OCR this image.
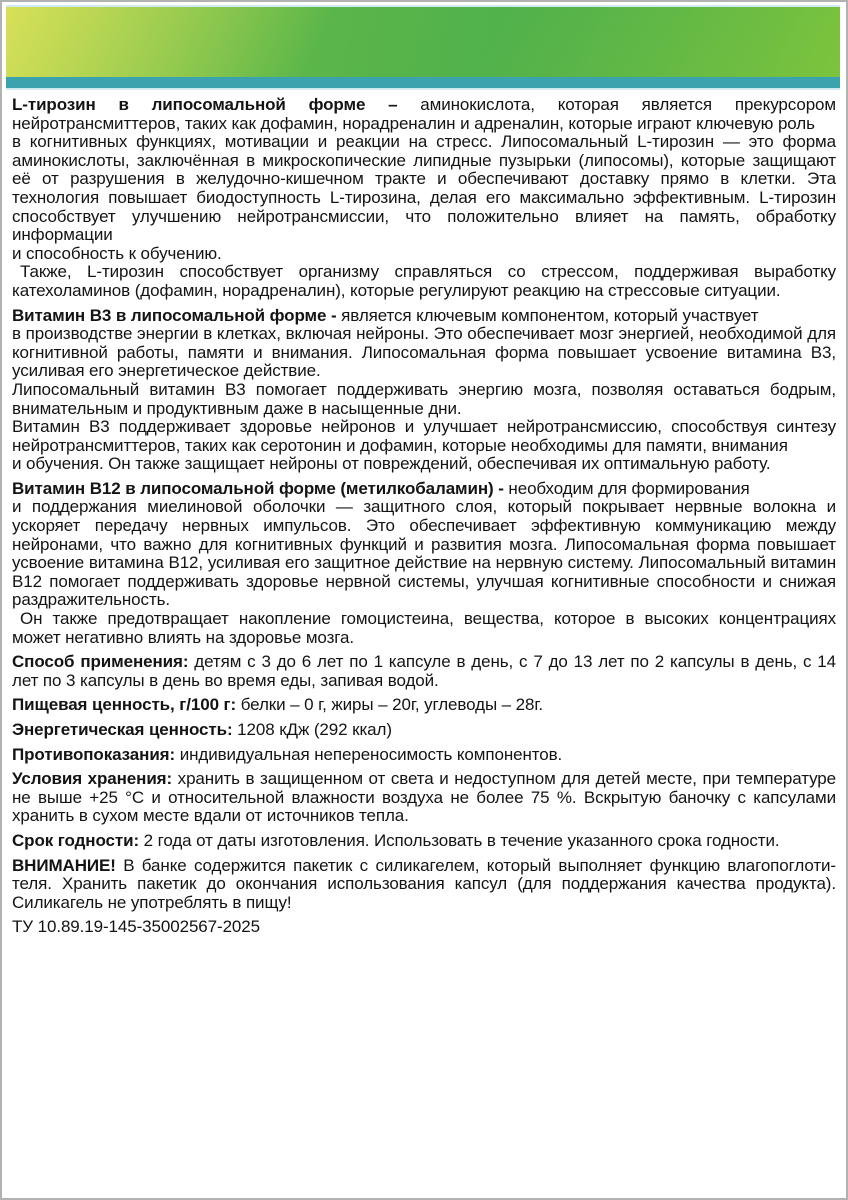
L-тирозин в липосомальной форме – аминокислота, которая является прекурсором нейротрансмиттеров, таких как дофамин, норадреналин и адреналин, которые играют ключевую роль
в когнитивных функциях, мотивации и реакции на стресс. Липосомальный L-тирозин — это форма аминокислоты, заключённая в микроскопические липидные пузырьки (липосомы), которые защищают её от разрушения в желудочно-кишечном тракте и обеспечивают доставку прямо в клетки. Эта технология повышает биодоступность L-тирозина, делая его максимально эффективным. L-тирозин способствует улучшению нейротрансмиссии, что положительно влияет на память, обработку информации
и способность к обучению.

Также, L-тирозин способствует организму справляться со стрессом, поддерживая выработку катехоламинов (дофамин, норадреналин), которые регулируют реакцию на стрессовые ситуации.

Витамин В3 в липосомальной форме - является ключевым компонентом, который участвует
в производстве энергии в клетках, включая нейроны. Это обеспечивает мозг энергией, необходимой для когнитивной работы, памяти и внимания. Липосомальная форма повышает усвоение витамина В3, усиливая его энергетическое действие.

Липосомальный витамин В3 помогает поддерживать энергию мозга, позволяя оставаться бодрым, внимательным и продуктивным даже в насыщенные дни.

Витамин В3 поддерживает здоровье нейронов и улучшает нейротрансмиссию, способствуя синтезу нейротрансмиттеров, таких как серотонин и дофамин, которые необходимы для памяти, внимания
и обучения. Он также защищает нейроны от повреждений, обеспечивая их оптимальную работу.

Витамин В12 в липосомальной форме (метилкобаламин) - необходим для формирования
и поддержания миелиновой оболочки — защитного слоя, который покрывает нервные волокна и ускоряет передачу нервных импульсов. Это обеспечивает эффективную коммуникацию между нейронами, что важно для когнитивных функций и развития мозга. Липосомальная форма повышает усвоение витамина В12, усиливая его защитное действие на нервную систему. Липосомальный витамин В12 помогает поддерживать здоровье нервной системы, улучшая когнитивные способности и снижая раздражительность.

Он также предотвращает накопление гомоцистеина, вещества, которое в высоких концентрациях может негативно влиять на здоровье мозга.

Способ применения: детям с 3 до 6 лет по 1 капсуле в день, с 7 до 13 лет по 2 капсулы в день, с 14 лет по 3 капсулы в день во время еды, запивая водой.

Пищевая ценность, г/100 г: белки – 0 г, жиры – 20г, углеводы – 28г.

Энергетическая ценность: 1208 кДж (292 ккал)

Противопоказания: индивидуальная непереносимость компонентов.

Условия хранения: хранить в защищенном от света и недоступном для детей месте, при температуре не выше +25 °С и относительной влажности воздуха не более 75 %. Вскрытую баночку с капсулами хранить в сухом месте вдали от источников тепла.

Срок годности: 2 года от даты изготовления. Использовать в течение указанного срока годности.

ВНИМАНИЕ! В банке содержится пакетик с силикагелем, который выполняет функцию влагопоглоти-теля. Хранить пакетик до окончания использования капсул (для поддержания качества продукта). Силикагель не употреблять в пищу!

ТУ 10.89.19-145-35002567-2025
